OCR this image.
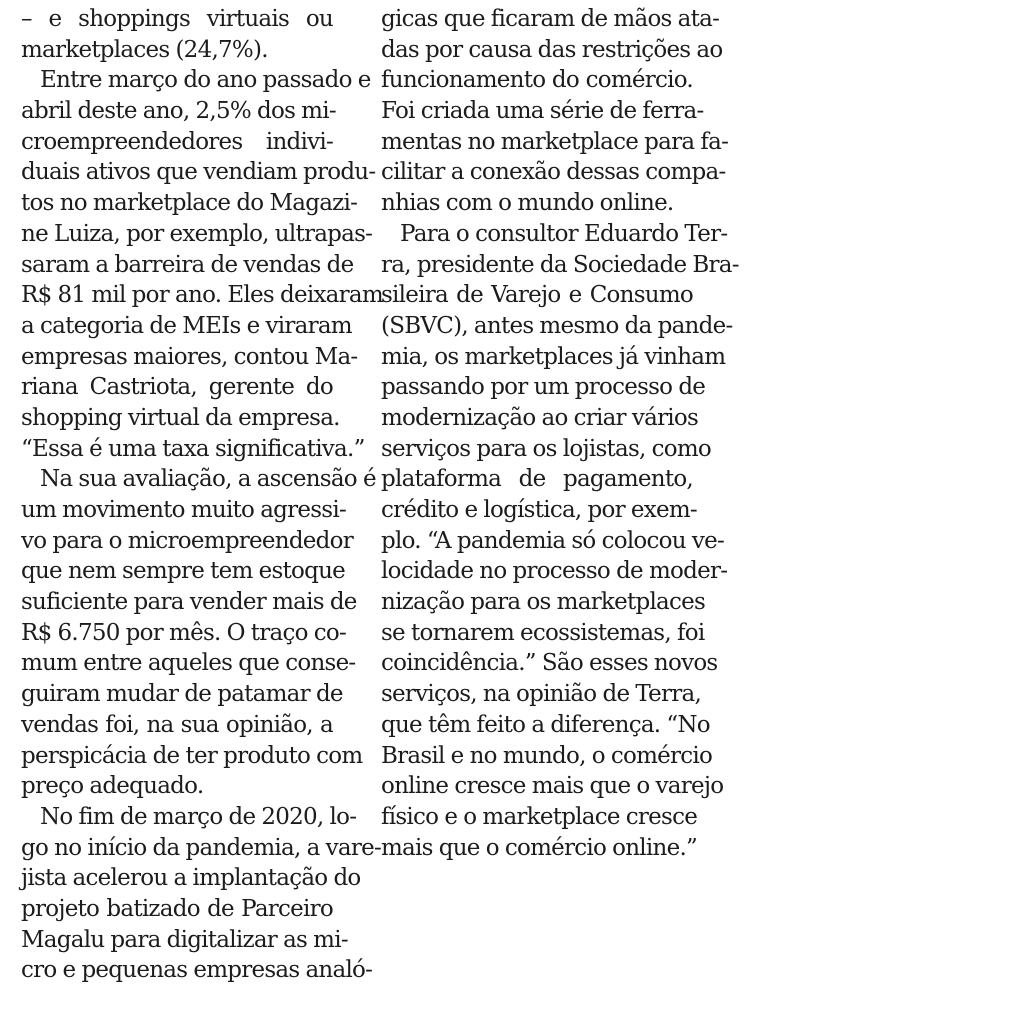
– e shoppings virtuais ou
marketplaces (24,7%).
Entre março do ano passado e
abril deste ano, 2,5% dos mi-
croempreendedores indivi-
duais ativos que vendiam produ-
tos no marketplace do Magazi-
ne Luiza, por exemplo, ultrapas-
saram a barreira de vendas de
R$ 81 mil por ano. Eles deixaram
a categoria de MEIs e viraram
empresas maiores, contou Ma-
riana Castriota, gerente do
shopping virtual da empresa.
“Essa é uma taxa significativa.”
Na sua avaliação, a ascensão é
um movimento muito agressi-
vo para o microempreendedor
que nem sempre tem estoque
suficiente para vender mais de
R$ 6.750 por mês. O traço co-
mum entre aqueles que conse-
guiram mudar de patamar de
vendas foi, na sua opinião, a
perspicácia de ter produto com
preço adequado.
No fim de março de 2020, lo-
go no início da pandemia, a vare-
jista acelerou a implantação do
projeto batizado de Parceiro
Magalu para digitalizar as mi-
cro e pequenas empresas analó-
gicas que ficaram de mãos ata-
das por causa das restrições ao
funcionamento do comércio.
Foi criada uma série de ferra-
mentas no marketplace para fa-
cilitar a conexão dessas compa-
nhias com o mundo online.
Para o consultor Eduardo Ter-
ra, presidente da Sociedade Bra-
sileira de Varejo e Consumo
(SBVC), antes mesmo da pande-
mia, os marketplaces já vinham
passando por um processo de
modernização ao criar vários
serviços para os lojistas, como
plataforma de pagamento,
crédito e logística, por exem-
plo. “A pandemia só colocou ve-
locidade no processo de moder-
nização para os marketplaces
se tornarem ecossistemas, foi
coincidência.” São esses novos
serviços, na opinião de Terra,
que têm feito a diferença. “No
Brasil e no mundo, o comércio
online cresce mais que o varejo
físico e o marketplace cresce
mais que o comércio online.”
